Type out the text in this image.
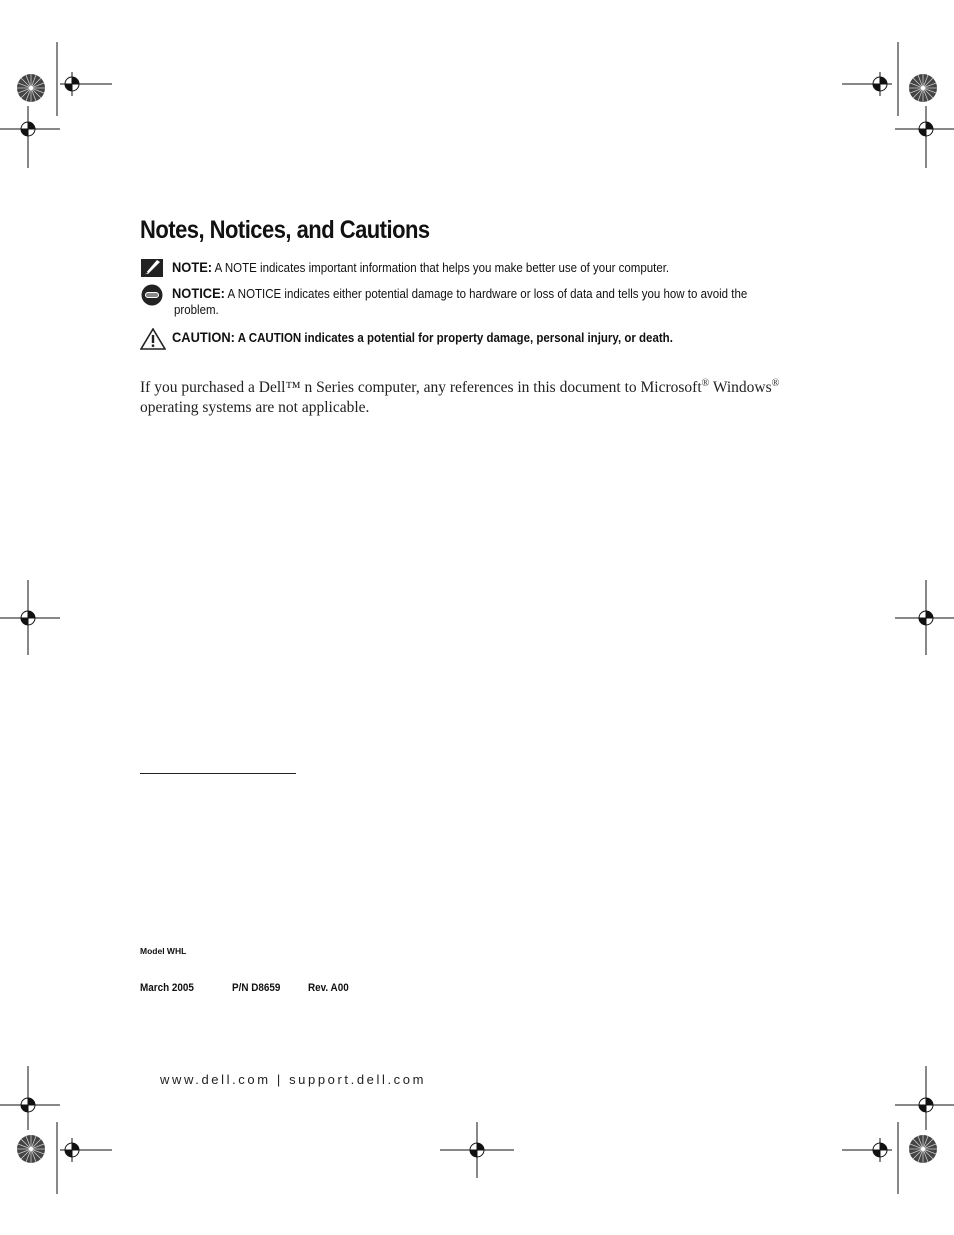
Notes, Notices, and Cautions
NOTE: A NOTE indicates important information that helps you make better use of your computer.
NOTICE: A NOTICE indicates either potential damage to hardware or loss of data and tells you how to avoid the
problem.
CAUTION: A CAUTION indicates a potential for property damage, personal injury, or death.
If you purchased a Dell™ n Series computer, any references in this document to Microsoft® Windows®
operating systems are not applicable.
Model WHL
March 2005	P/N D8659	Rev. A00
www.dell.com | support.dell.com
